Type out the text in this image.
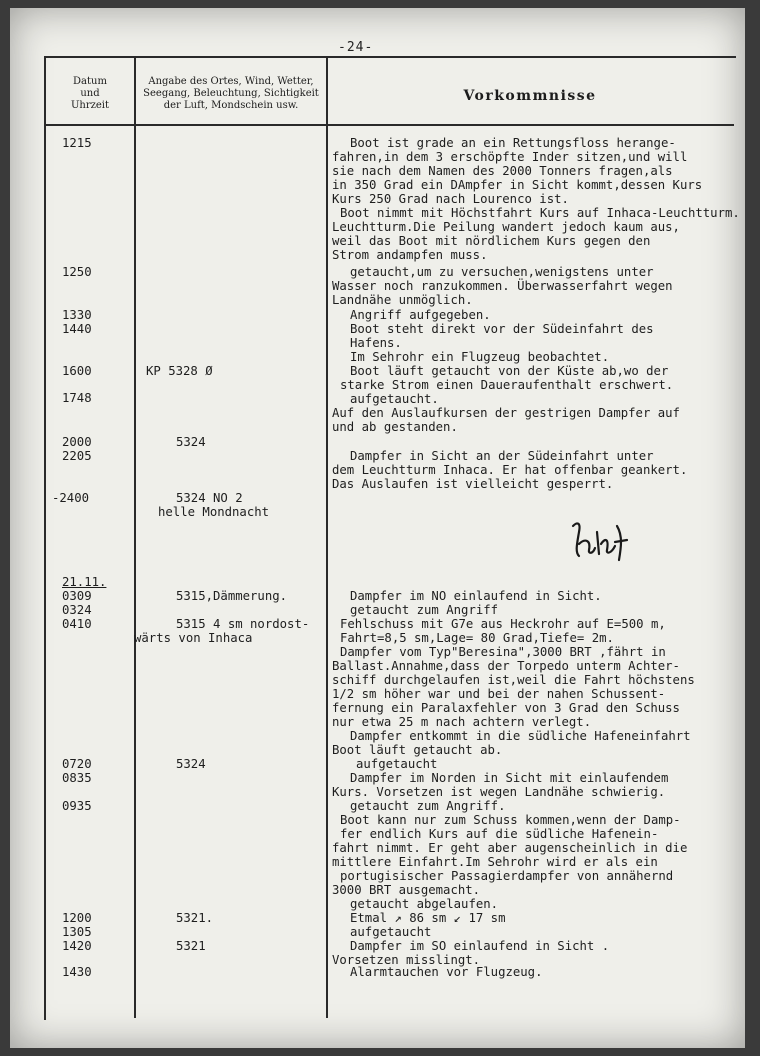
-24-
Datum
und
Uhrzeit
Angabe des Ortes, Wind, Wetter,
Seegang, Beleuchtung, Sichtigkeit
der Luft, Mondschein usw.
Vorkommnisse
1215
1250
1330
1440
1600
1748
2000
2205
-2400
21.11.
0309
0324
0410
0720
0835
0935
1200
1305
1420
1430
KP 5328 Ø
5324
5324 NO 2
helle Mondnacht
5315,Dämmerung.
5315 4 sm nordost-
wärts von Inhaca
5324
5321.
5321
Boot ist grade an ein Rettungsfloss herange-
fahren,in dem 3 erschöpfte Inder sitzen,und will
sie nach dem Namen des 2000 Tonners fragen,als
in 350 Grad ein DAmpfer in Sicht kommt,dessen Kurs
Kurs 250 Grad nach Lourenco ist.
Boot nimmt mit Höchstfahrt Kurs auf Inhaca-Leuchtturm.
Leuchtturm.Die Peilung wandert jedoch kaum aus,
weil das Boot mit nördlichem Kurs gegen den
Strom andampfen muss.
getaucht,um zu versuchen,wenigstens unter
Wasser noch ranzukommen. Überwasserfahrt wegen
Landnähe unmöglich.
Angriff aufgegeben.
Boot steht direkt vor der Südeinfahrt des
Hafens.
Im Sehrohr ein Flugzeug beobachtet.
Boot läuft getaucht von der Küste ab,wo der
starke Strom einen Daueraufenthalt erschwert.
aufgetaucht.
Auf den Auslaufkursen der gestrigen Dampfer auf
und ab gestanden.
Dampfer in Sicht an der Südeinfahrt unter
dem Leuchtturm Inhaca. Er hat offenbar geankert.
Das Auslaufen ist vielleicht gesperrt.
Dampfer im NO einlaufend in Sicht.
getaucht zum Angriff
Fehlschuss mit G7e aus Heckrohr auf E=500 m,
Fahrt=8,5 sm,Lage= 80 Grad,Tiefe= 2m.
Dampfer vom Typ"Beresina",3000 BRT ,fährt in
Ballast.Annahme,dass der Torpedo unterm Achter-
schiff durchgelaufen ist,weil die Fahrt höchstens
1/2 sm höher war und bei der nahen Schussent-
fernung ein Paralaxfehler von 3 Grad den Schuss
nur etwa 25 m nach achtern verlegt.
Dampfer entkommt in die südliche Hafeneinfahrt
Boot läuft getaucht ab.
aufgetaucht
Dampfer im Norden in Sicht mit einlaufendem
Kurs. Vorsetzen ist wegen Landnähe schwierig.
getaucht zum Angriff.
Boot kann nur zum Schuss kommen,wenn der Damp-
fer endlich Kurs auf die südliche Hafenein-
fahrt nimmt. Er geht aber augenscheinlich in die
mittlere Einfahrt.Im Sehrohr wird er als ein
portugisischer Passagierdampfer von annähernd
3000 BRT ausgemacht.
getaucht abgelaufen.
Etmal ↗ 86 sm ↙ 17 sm
aufgetaucht
Dampfer im SO einlaufend in Sicht .
Vorsetzen misslingt.
Alarmtauchen vor Flugzeug.
